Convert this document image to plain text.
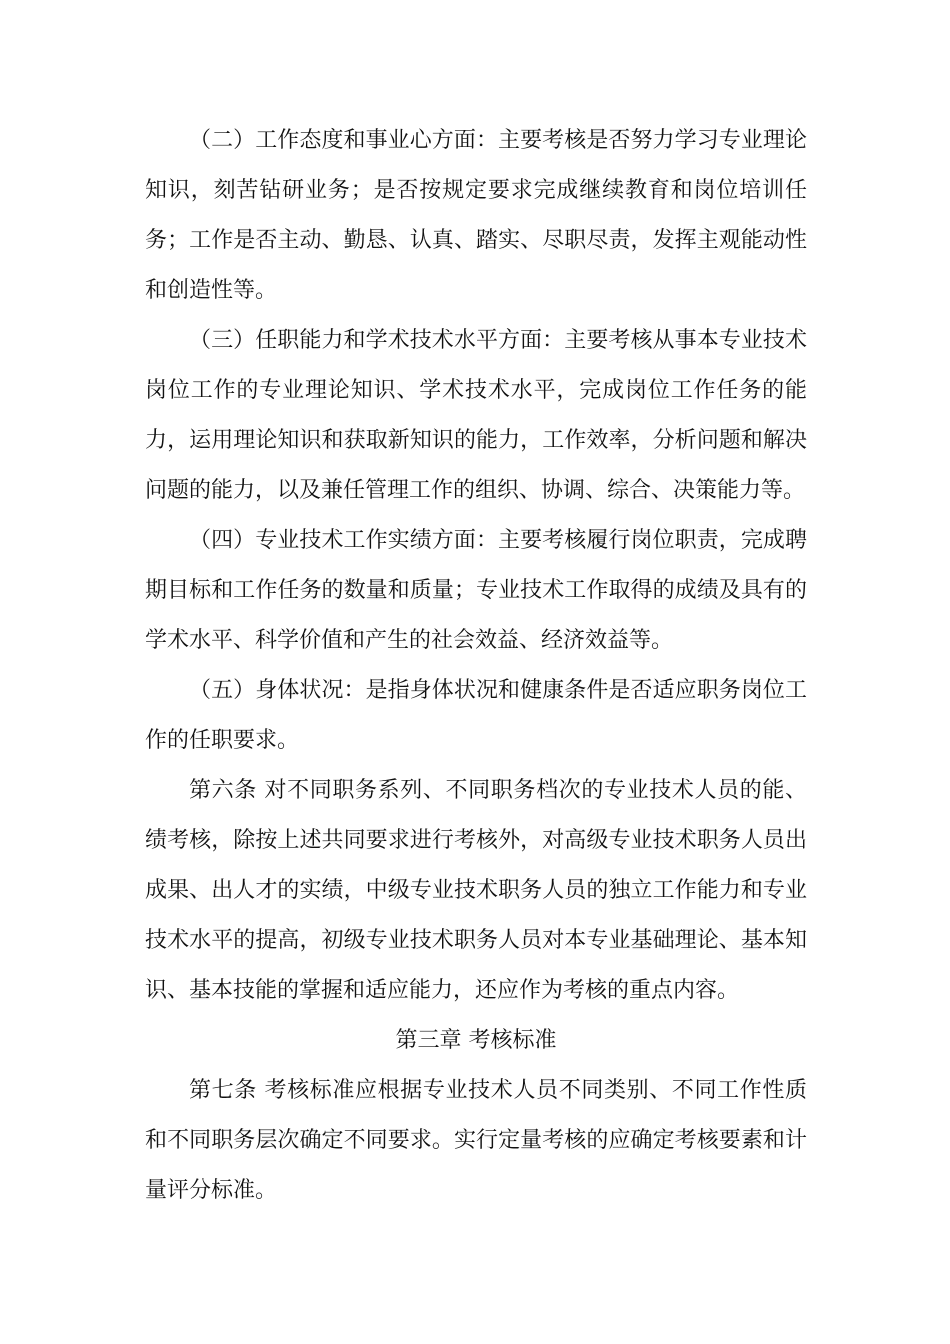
（二）工作态度和事业心方面：主要考核是否努力学习专业理论知识，刻苦钻研业务；是否按规定要求完成继续教育和岗位培训任务；工作是否主动、勤恳、认真、踏实、尽职尽责，发挥主观能动性和创造性等。

（三）任职能力和学术技术水平方面：主要考核从事本专业技术岗位工作的专业理论知识、学术技术水平，完成岗位工作任务的能力，运用理论知识和获取新知识的能力，工作效率，分析问题和解决问题的能力，以及兼任管理工作的组织、协调、综合、决策能力等。

（四）专业技术工作实绩方面：主要考核履行岗位职责，完成聘期目标和工作任务的数量和质量；专业技术工作取得的成绩及具有的学术水平、科学价值和产生的社会效益、经济效益等。

（五）身体状况：是指身体状况和健康条件是否适应职务岗位工作的任职要求。

第六条 对不同职务系列、不同职务档次的专业技术人员的能、绩考核，除按上述共同要求进行考核外，对高级专业技术职务人员出成果、出人才的实绩，中级专业技术职务人员的独立工作能力和专业技术水平的提高，初级专业技术职务人员对本专业基础理论、基本知识、基本技能的掌握和适应能力，还应作为考核的重点内容。

第三章 考核标准

第七条 考核标准应根据专业技术人员不同类别、不同工作性质和不同职务层次确定不同要求。实行定量考核的应确定考核要素和计量评分标准。
